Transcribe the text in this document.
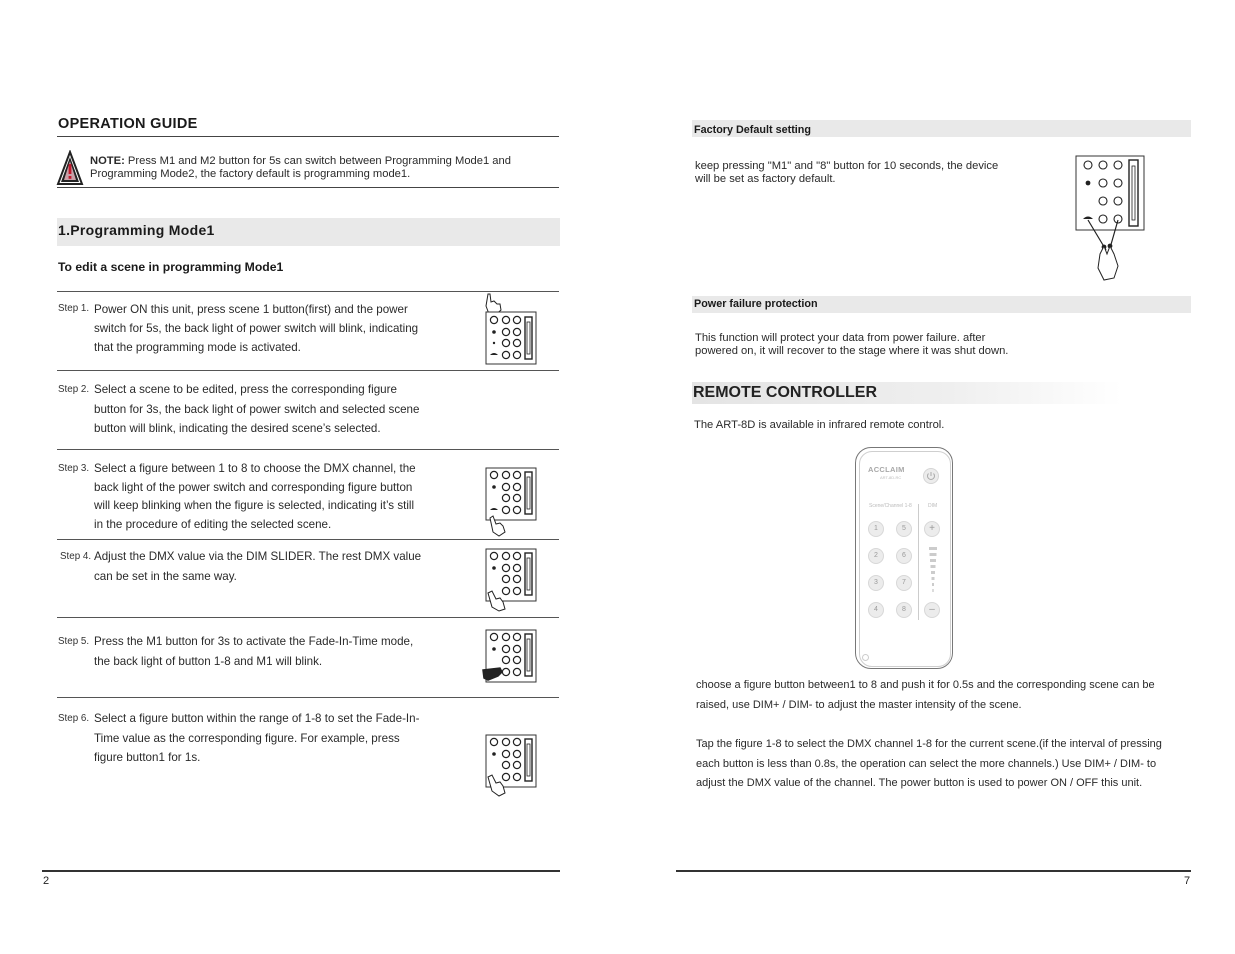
OPERATION GUIDE
NOTE: Press M1 and M2 button for 5s can switch between Programming Mode1 and
Programming Mode2, the factory default is programming mode1.
1.Programming Mode1
To edit a scene in programming Mode1
Step 1. Power ON this unit, press scene 1 button(first) and the power
switch for 5s, the back light of power switch will blink, indicating
that the programming mode is activated.
Step 2. Select a scene to be edited, press the corresponding figure
button for 3s, the back light of power switch and selected scene
button will blink, indicating the desired scene’s selected.
Step 3. Select a figure between 1 to 8 to choose the DMX channel, the
back light of the power switch and corresponding figure button
will keep blinking when the figure is selected, indicating it’s still
in the procedure of editing the selected scene.
Step 4. Adjust the DMX value via the DIM SLIDER. The rest DMX value
can be set in the same way.
Step 5. Press the M1 button for 3s to activate the Fade-In-Time mode,
the back light of button 1-8 and M1 will blink.
Step 6. Select a figure button within the range of 1-8 to set the Fade-In-
Time value as the corresponding figure. For example, press
figure button1 for 1s.
2
Factory Default setting
keep pressing "M1" and "8" button for 10 seconds, the device
will be set as factory default.
Power failure protection
This function will protect your data from power failure. after
powered on, it will recover to the stage where it was shut down.
REMOTE CONTROLLER
The ART-8D is available in infrared remote control.
ACCLAIM
ART-8D-RC
Scene/Channel 1-8	DIM
1	5
2	6
3	7
4	8
+
–
choose a figure button between1 to 8 and push it for 0.5s and the corresponding scene can be
raised, use DIM+ / DIM- to adjust the master intensity of the scene.
Tap the figure 1-8 to select the DMX channel 1-8 for the current scene.(if the interval of pressing
each button is less than 0.8s, the operation can select the more channels.) Use DIM+ / DIM- to
adjust the DMX value of the channel. The power button is used to power ON / OFF this unit.
7
